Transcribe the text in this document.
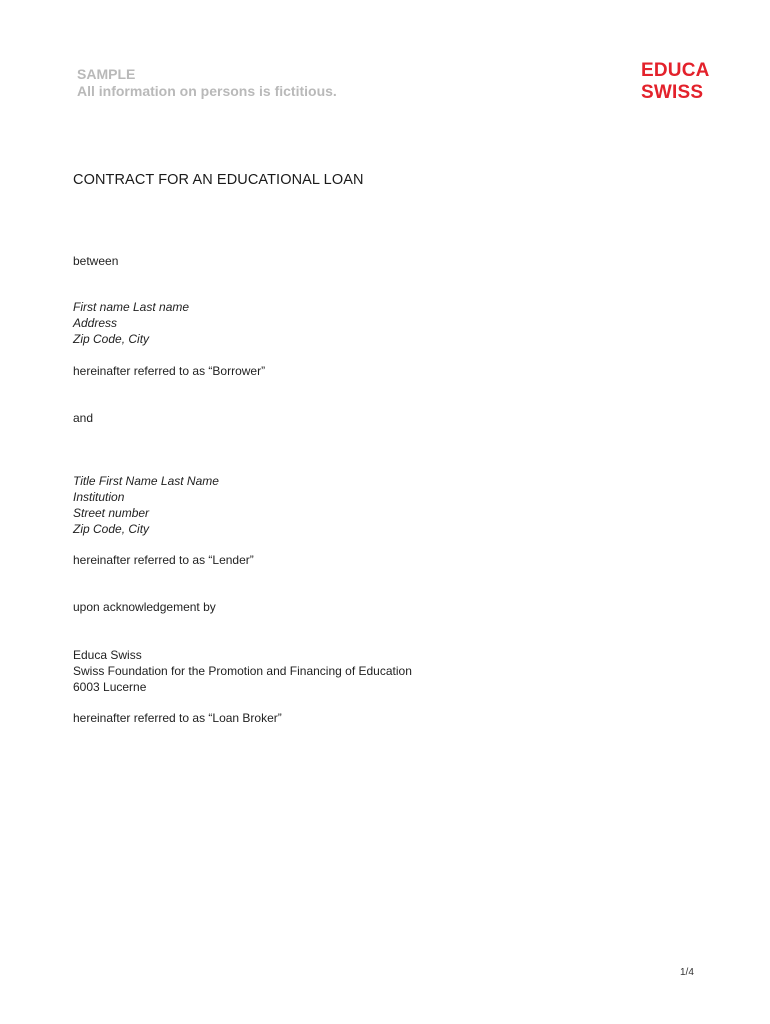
SAMPLE
All information on persons is fictitious.
EDUCA
SWISS
CONTRACT FOR AN EDUCATIONAL LOAN
between
First name Last name
Address
Zip Code, City
hereinafter referred to as “Borrower”
and
Title First Name Last Name
Institution
Street number
Zip Code, City
hereinafter referred to as “Lender”
upon acknowledgement by
Educa Swiss
Swiss Foundation for the Promotion and Financing of Education
6003 Lucerne
hereinafter referred to as “Loan Broker”
1/4
